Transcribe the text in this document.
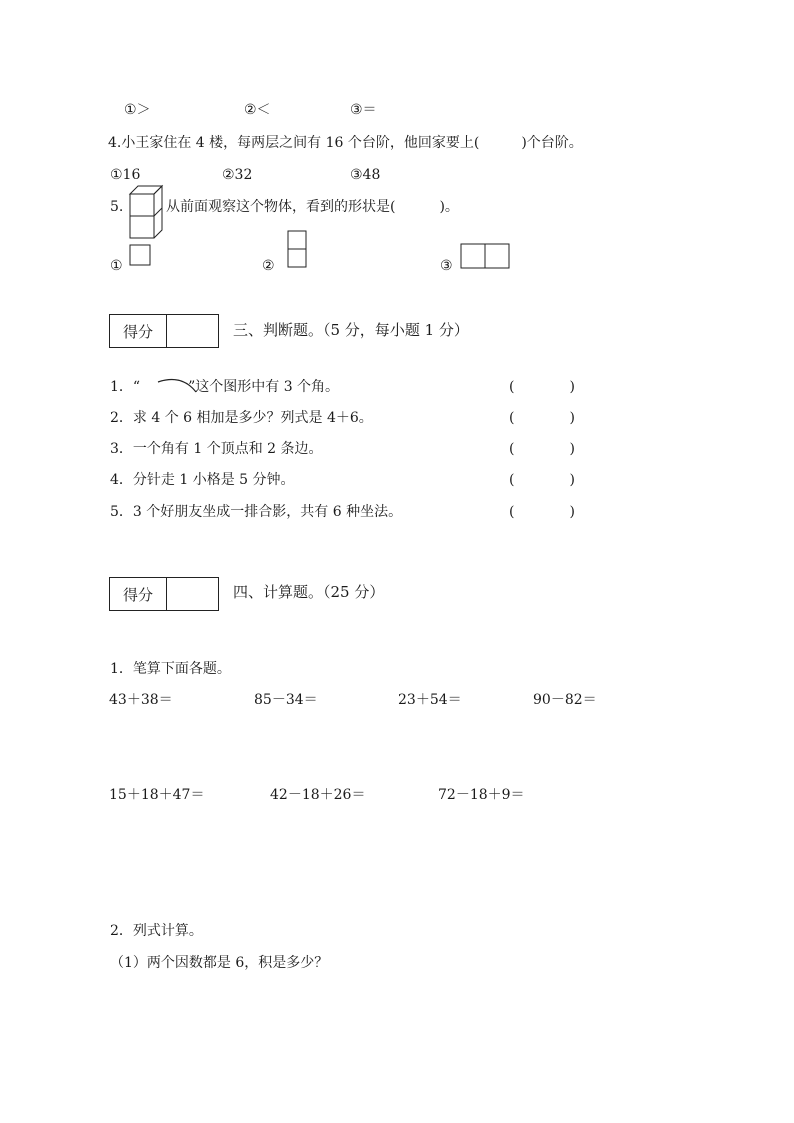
①＞	②＜	③＝
4.小王家住在 4 楼，每两层之间有 16 个台阶，他回家要上(	)个台阶。
①16	②32	③48
5.	从前面观察这个物体，看到的形状是(	)。
①	②	③
得分	三、判断题。（5 分，每小题 1 分）
1．“	”这个图形中有 3 个角。	(	)
2．求 4 个 6 相加是多少？列式是 4＋6。	(	)
3．一个角有 1 个顶点和 2 条边。	(	)
4．分针走 1 小格是 5 分钟。	(	)
5．3 个好朋友坐成一排合影，共有 6 种坐法。	(	)
得分	四、计算题。（25 分）
1．笔算下面各题。
43＋38＝	85－34＝	23＋54＝	90－82＝
15＋18＋47＝	42－18＋26＝	72－18＋9＝
2．列式计算。
（1）两个因数都是 6，积是多少？
